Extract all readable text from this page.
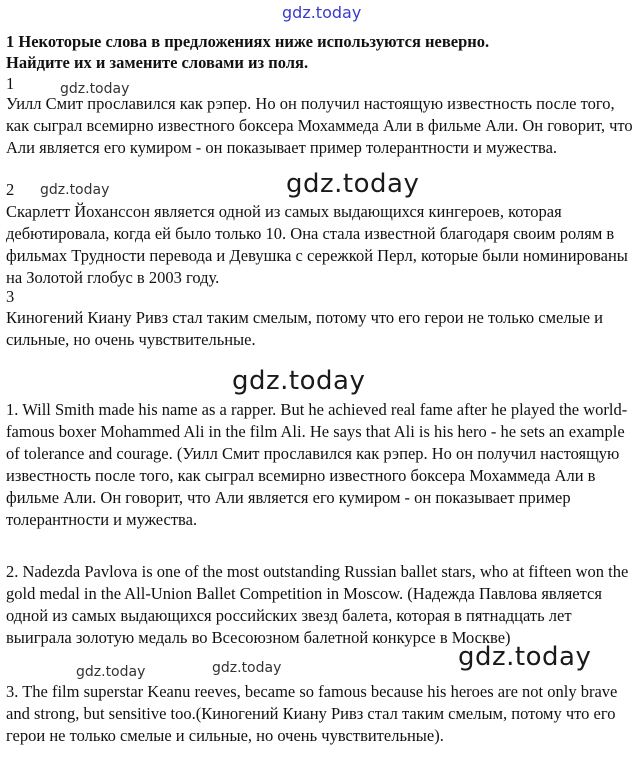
gdz.today

1 Некоторые слова в предложениях ниже используются неверно.
Найдите их и замените словами из поля.

1	gdz.today

Уилл Смит прославился как рэпер. Но он получил настоящую известность после того, как сыграл всемирно известного боксера Мохаммеда Али в фильме Али. Он говорит, что Али является его кумиром - он показывает пример толерантности и мужества.

2 gdz.today	gdz.today

Скарлетт Йоханссон является одной из самых выдающихся кингероев, которая дебютировала, когда ей было только 10. Она стала известной благодаря своим ролям в фильмах Трудности перевода и Девушка с сережкой Перл, которые были номинированы на Золотой глобус в 2003 году.

3

Киногений Киану Ривз стал таким смелым, потому что его герои не только смелые и сильные, но очень чувствительные.

gdz.today

1. Will Smith made his name as a rapper. But he achieved real fame after he played the world-famous boxer Mohammed Ali in the film Ali. He says that Ali is his hero - he sets an example of tolerance and courage. (Уилл Смит прославился как рэпер. Но он получил настоящую известность после того, как сыграл всемирно известного боксера Мохаммеда Али в фильме Али. Он говорит, что Али является его кумиром - он показывает пример толерантности и мужества.

2. Nadezda Pavlova is one of the most outstanding Russian ballet stars, who at fifteen won the gold medal in the All-Union Ballet Competition in Moscow. (Надежда Павлова является одной из самых выдающихся российских звезд балета, которая в пятнадцать лет выиграла золотую медаль во Всесоюзном балетной конкурсе в Москве)

gdz.today
gdz.today	gdz.today

3. The film superstar Keanu reeves, became so famous because his heroes are not only brave and strong, but sensitive too.(Киногений Киану Ривз стал таким смелым, потому что его герои не только смелые и сильные, но очень чувствительные).
